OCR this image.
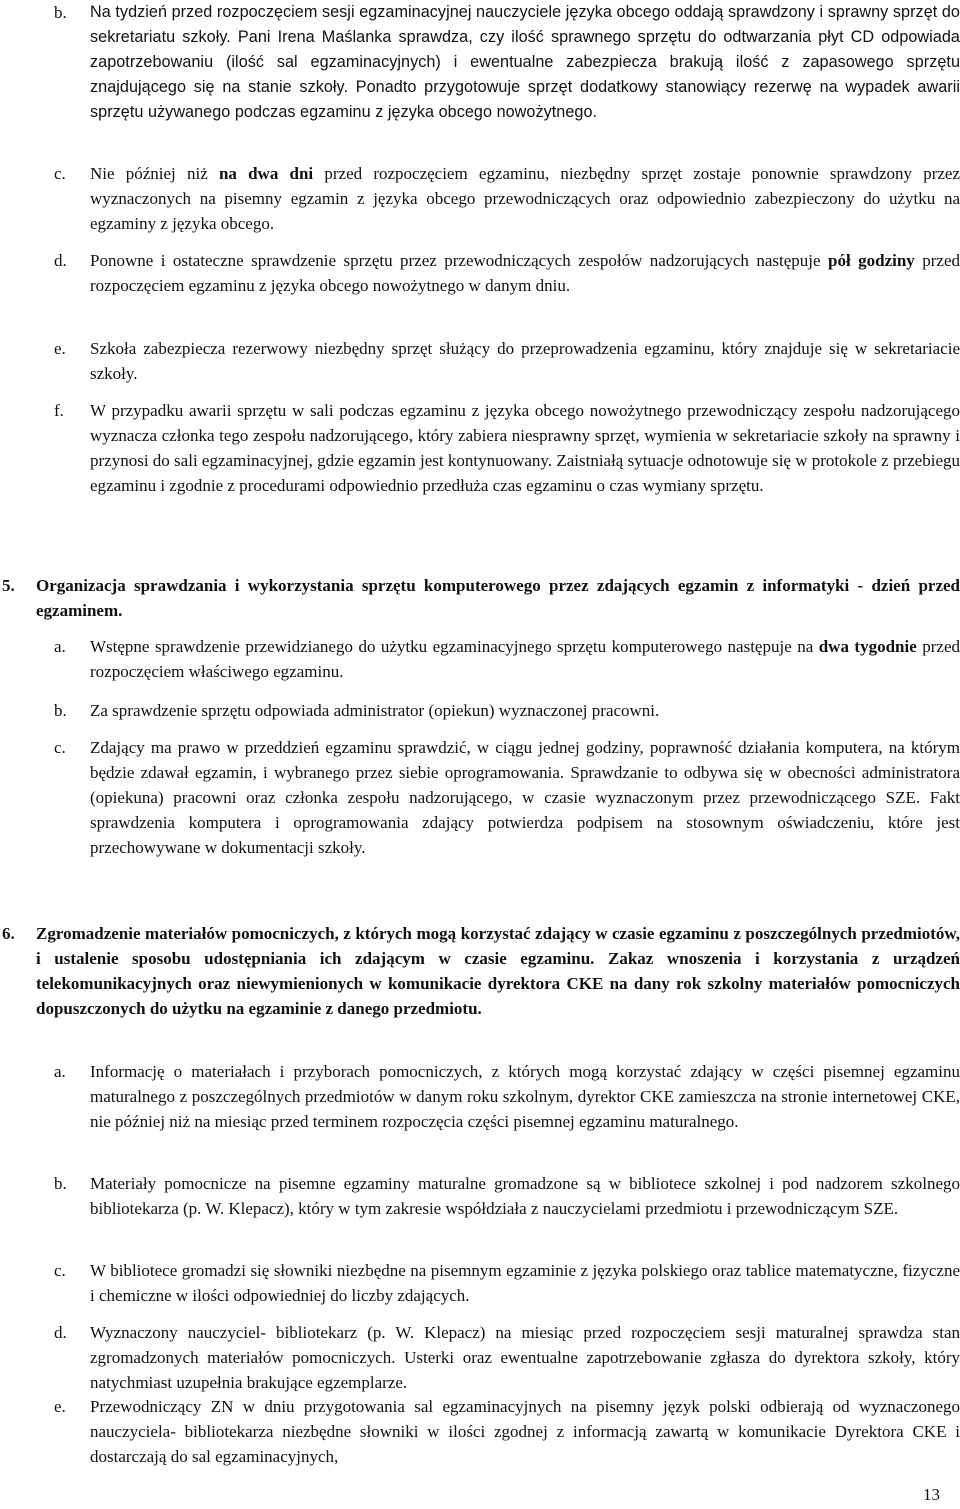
b.	Na tydzień przed rozpoczęciem sesji egzaminacyjnej nauczyciele języka obcego oddają sprawdzony i sprawny sprzęt do sekretariatu szkoły. Pani Irena Maślanka sprawdza, czy ilość sprawnego sprzętu do odtwarzania płyt CD odpowiada zapotrzebowaniu (ilość sal egzaminacyjnych) i ewentualne zabezpiecza brakują ilość z zapasowego sprzętu znajdującego się na stanie szkoły. Ponadto przygotowuje sprzęt dodatkowy stanowiący rezerwę na wypadek awarii sprzętu używanego podczas egzaminu z języka obcego nowożytnego.
c.	Nie później niż na dwa dni przed rozpoczęciem egzaminu, niezbędny sprzęt zostaje ponownie sprawdzony przez wyznaczonych na pisemny egzamin z języka obcego przewodniczących oraz odpowiednio zabezpieczony do użytku na egzaminy z języka obcego.
d.	Ponowne i ostateczne sprawdzenie sprzętu przez przewodniczących zespołów nadzorujących następuje pół godziny przed rozpoczęciem egzaminu z języka obcego nowożytnego w danym dniu.
e.	Szkoła zabezpiecza rezerwowy niezbędny sprzęt służący do przeprowadzenia egzaminu, który znajduje się w sekretariacie szkoły.
f.	W przypadku awarii sprzętu w sali podczas egzaminu z języka obcego nowożytnego przewodniczący zespołu nadzorującego wyznacza członka tego zespołu nadzorującego, który zabiera niesprawny sprzęt, wymienia w sekretariacie szkoły na sprawny i przynosi do sali egzaminacyjnej, gdzie egzamin jest kontynuowany. Zaistniałą sytuacje odnotowuje się w protokole z przebiegu egzaminu i zgodnie z procedurami odpowiednio przedłuża czas egzaminu o czas wymiany sprzętu.
5. Organizacja sprawdzania i wykorzystania sprzętu komputerowego przez zdających egzamin z informatyki - dzień przed egzaminem.
a.	Wstępne sprawdzenie przewidzianego do użytku egzaminacyjnego sprzętu komputerowego następuje na dwa tygodnie przed rozpoczęciem właściwego egzaminu.
b.	Za sprawdzenie sprzętu odpowiada administrator (opiekun) wyznaczonej pracowni.
c.	Zdający ma prawo w przeddzień egzaminu sprawdzić, w ciągu jednej godziny, poprawność działania komputera, na którym będzie zdawał egzamin, i wybranego przez siebie oprogramowania. Sprawdzanie to odbywa się w obecności administratora (opiekuna) pracowni oraz członka zespołu nadzorującego, w czasie wyznaczonym przez przewodniczącego SZE. Fakt sprawdzenia komputera i oprogramowania zdający potwierdza podpisem na stosownym oświadczeniu, które jest przechowywane w dokumentacji szkoły.
6. Zgromadzenie materiałów pomocniczych, z których mogą korzystać zdający w czasie egzaminu z poszczególnych przedmiotów, i ustalenie sposobu udostępniania ich zdającym w czasie egzaminu. Zakaz wnoszenia i korzystania z urządzeń telekomunikacyjnych oraz niewymienionych w komunikacie dyrektora CKE na dany rok szkolny materiałów pomocniczych dopuszczonych do użytku na egzaminie z danego przedmiotu.
a.	Informację o materiałach i przyborach pomocniczych, z których mogą korzystać zdający w części pisemnej egzaminu maturalnego z poszczególnych przedmiotów w danym roku szkolnym, dyrektor CKE zamieszcza na stronie internetowej CKE, nie później niż na miesiąc przed terminem rozpoczęcia części pisemnej egzaminu maturalnego.
b.	Materiały pomocnicze na pisemne egzaminy maturalne gromadzone są w bibliotece szkolnej i pod nadzorem szkolnego bibliotekarza (p. W. Klepacz), który w tym zakresie współdziała z nauczycielami przedmiotu i przewodniczącym SZE.
c.	W bibliotece gromadzi się słowniki niezbędne na pisemnym egzaminie z języka polskiego oraz tablice matematyczne, fizyczne i chemiczne w ilości odpowiedniej do liczby zdających.
d.	Wyznaczony nauczyciel- bibliotekarz (p. W. Klepacz) na miesiąc przed rozpoczęciem sesji maturalnej sprawdza stan zgromadzonych materiałów pomocniczych. Usterki oraz ewentualne zapotrzebowanie zgłasza do dyrektora szkoły, który natychmiast uzupełnia brakujące egzemplarze.
e.	Przewodniczący ZN w dniu przygotowania sal egzaminacyjnych na pisemny język polski odbierają od wyznaczonego nauczyciela- bibliotekarza niezbędne słowniki w ilości zgodnej z informacją zawartą w komunikacie Dyrektora CKE i dostarczają do sal egzaminacyjnych,
13
